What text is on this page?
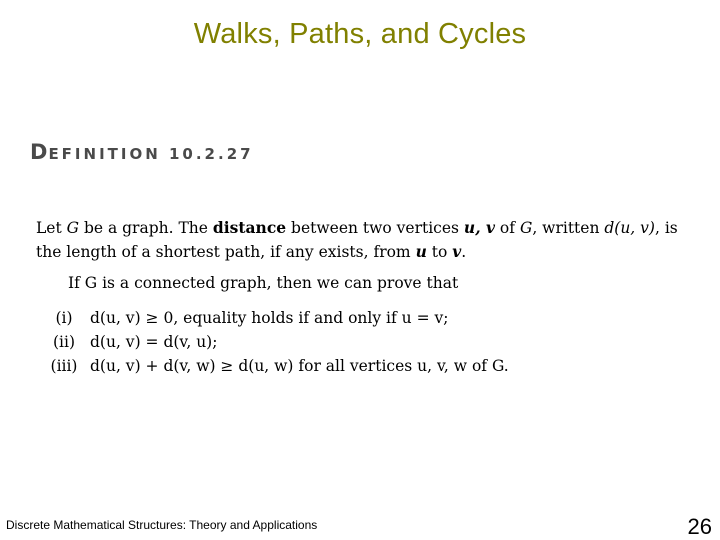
Walks, Paths, and Cycles
DEFINITION 10.2.27
Let G be a graph. The distance between two vertices u, v of G, written d(u, v), is
the length of a shortest path, if any exists, from u to v.
If G is a connected graph, then we can prove that
(i)	d(u, v) ≥ 0, equality holds if and only if u = v;
(ii) d(u, v) = d(v, u);
(iii) d(u, v) + d(v, w) ≥ d(u, w) for all vertices u, v, w of G.
Discrete Mathematical Structures: Theory and Applications	26
